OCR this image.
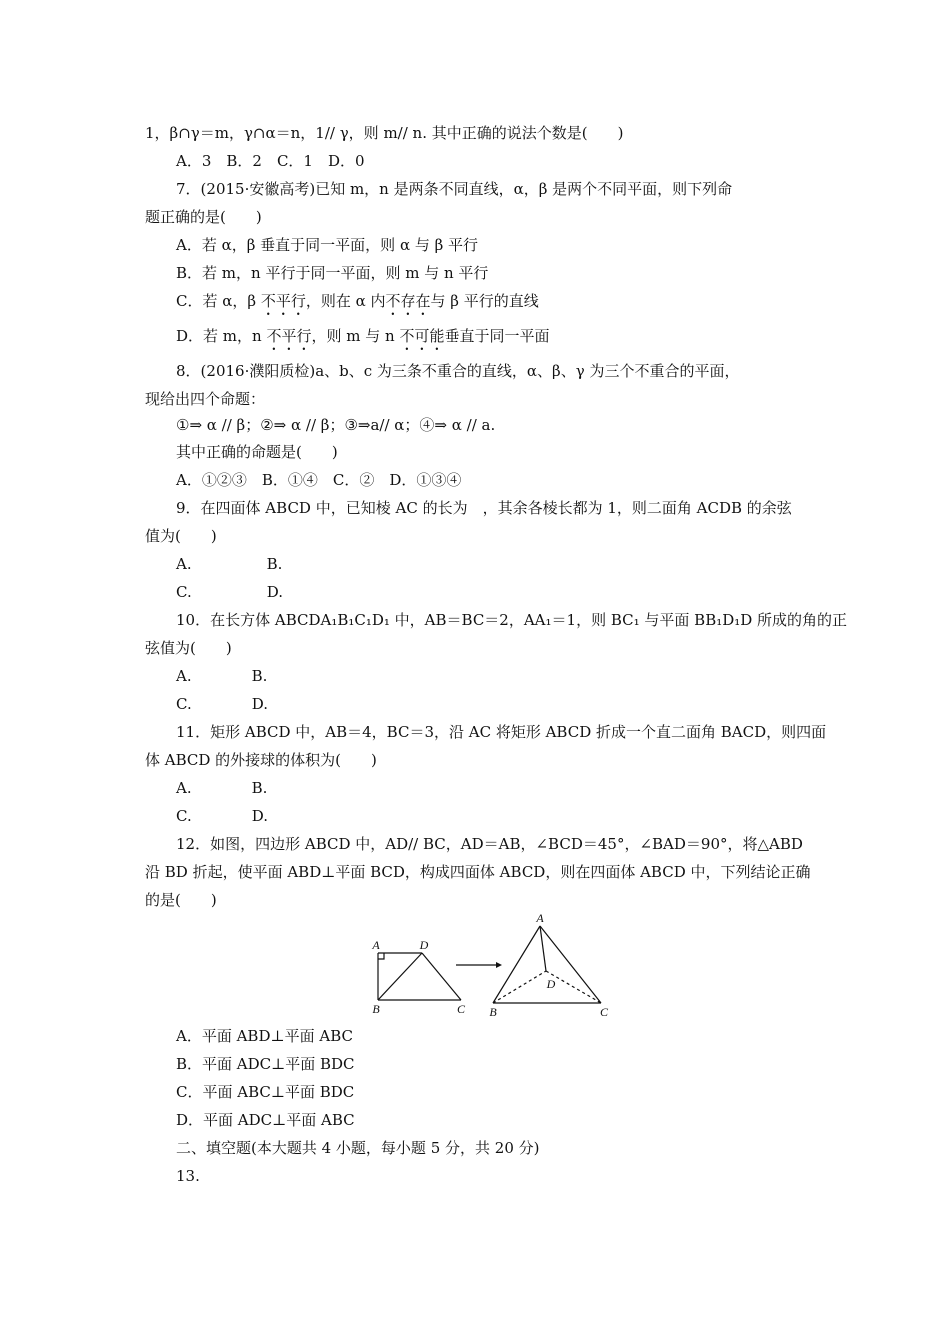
1，β∩γ＝m，γ∩α＝n，1// γ，则 m// n. 其中正确的说法个数是(　　)
A．3　B．2　C．1　D．0
7．(2015·安徽高考)已知 m，n 是两条不同直线，α，β 是两个不同平面，则下列命
题正确的是(　　)
A．若 α，β 垂直于同一平面，则 α 与 β 平行
B．若 m，n 平行于同一平面，则 m 与 n 平行
C．若 α，β 不平行，则在 α 内不存在与 β 平行的直线
D．若 m，n 不平行，则 m 与 n 不可能垂直于同一平面
8．(2016·濮阳质检)a、b、c 为三条不重合的直线，α、β、γ 为三个不重合的平面，
现给出四个命题：
①⇒ α // β；②⇒ α // β；③⇒a// α；④⇒ α // a.
其中正确的命题是(　　)
A．①②③　B．①④　C．②　D．①③④
9．在四面体 ABCD 中，已知棱 AC 的长为　，其余各棱长都为 1，则二面角 ACDB 的余弦
值为(　　)
A.　　　　　B.
C.　　　　　D.
10．在长方体 ABCDA₁B₁C₁D₁ 中，AB＝BC＝2，AA₁＝1，则 BC₁ 与平面 BB₁D₁D 所成的角的正
弦值为(　　)
A.　　　　B.
C.　　　　D.
11．矩形 ABCD 中，AB＝4，BC＝3，沿 AC 将矩形 ABCD 折成一个直二面角 BACD，则四面
体 ABCD 的外接球的体积为(　　)
A.　　　　B.
C.　　　　D.
12．如图，四边形 ABCD 中，AD// BC，AD＝AB，∠BCD＝45°，∠BAD＝90°，将△ABD
沿 BD 折起，使平面 ABD⊥平面 BCD，构成四面体 ABCD，则在四面体 ABCD 中，下列结论正确
的是(　　)
A．平面 ABD⊥平面 ABC
B．平面 ADC⊥平面 BDC
C．平面 ABC⊥平面 BDC
D．平面 ADC⊥平面 ABC
二、填空题(本大题共 4 小题，每小题 5 分，共 20 分)
13.
A
B	C
D
A
B	C
D
